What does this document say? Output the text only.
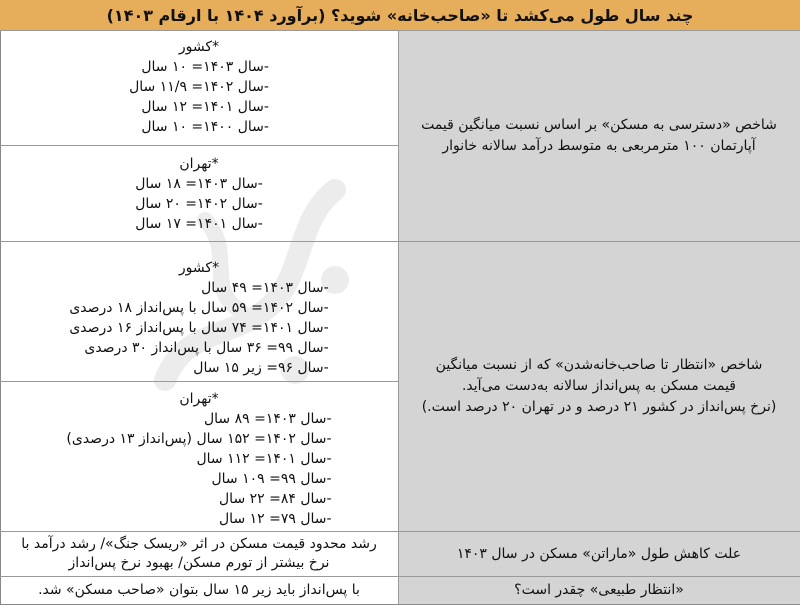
چند سال طول می‌کشد تا «صاحب‌خانه» شوید؟ (برآورد ۱۴۰۴ با ارقام ۱۴۰۳)
شاخص «دسترسی به مسکن» بر اساس نسبت میانگین قیمت آپارتمان ۱۰۰ مترمربعی به متوسط درآمد سالانه خانوار
*کشور
-سال ۱۴۰۳= ۱۰ سال
-سال ۱۴۰۲= ۱۱/۹ سال
-سال ۱۴۰۱= ۱۲ سال
-سال ۱۴۰۰= ۱۰ سال
*تهران
-سال ۱۴۰۳= ۱۸ سال
-سال ۱۴۰۲= ۲۰ سال
-سال ۱۴۰۱= ۱۷ سال
شاخص «انتظار تا صاحب‌خانه‌شدن» که از نسبت میانگین
قیمت مسکن به پس‌انداز سالانه به‌دست می‌آید.
(نرخ پس‌انداز در کشور ۲۱ درصد و در تهران ۲۰ درصد است.)
*کشور
-سال ۱۴۰۳= ۴۹ سال
-سال ۱۴۰۲= ۵۹ سال با پس‌انداز ۱۸ درصدی
-سال ۱۴۰۱= ۷۴ سال با پس‌انداز ۱۶ درصدی
-سال ۹۹= ۳۶ سال با پس‌انداز ۳۰ درصدی
-سال ۹۶= زیر ۱۵ سال
*تهران
-سال ۱۴۰۳= ۸۹ سال
-سال ۱۴۰۲= ۱۵۲ سال (پس‌انداز ۱۳ درصدی)
-سال ۱۴۰۱= ۱۱۲ سال
-سال ۹۹= ۱۰۹ سال
-سال ۸۴= ۲۲ سال
-سال ۷۹= ۱۲ سال
علت کاهش طول «ماراتن» مسکن در سال ۱۴۰۳
رشد محدود قیمت مسکن در اثر «ریسک جنگ»/ رشد درآمد با
نرخ بیشتر از تورم مسکن/ بهبود نرخ پس‌انداز
«انتظار طبیعی» چقدر است؟
با پس‌انداز باید زیر ۱۵ سال بتوان «صاحب مسکن» شد.
